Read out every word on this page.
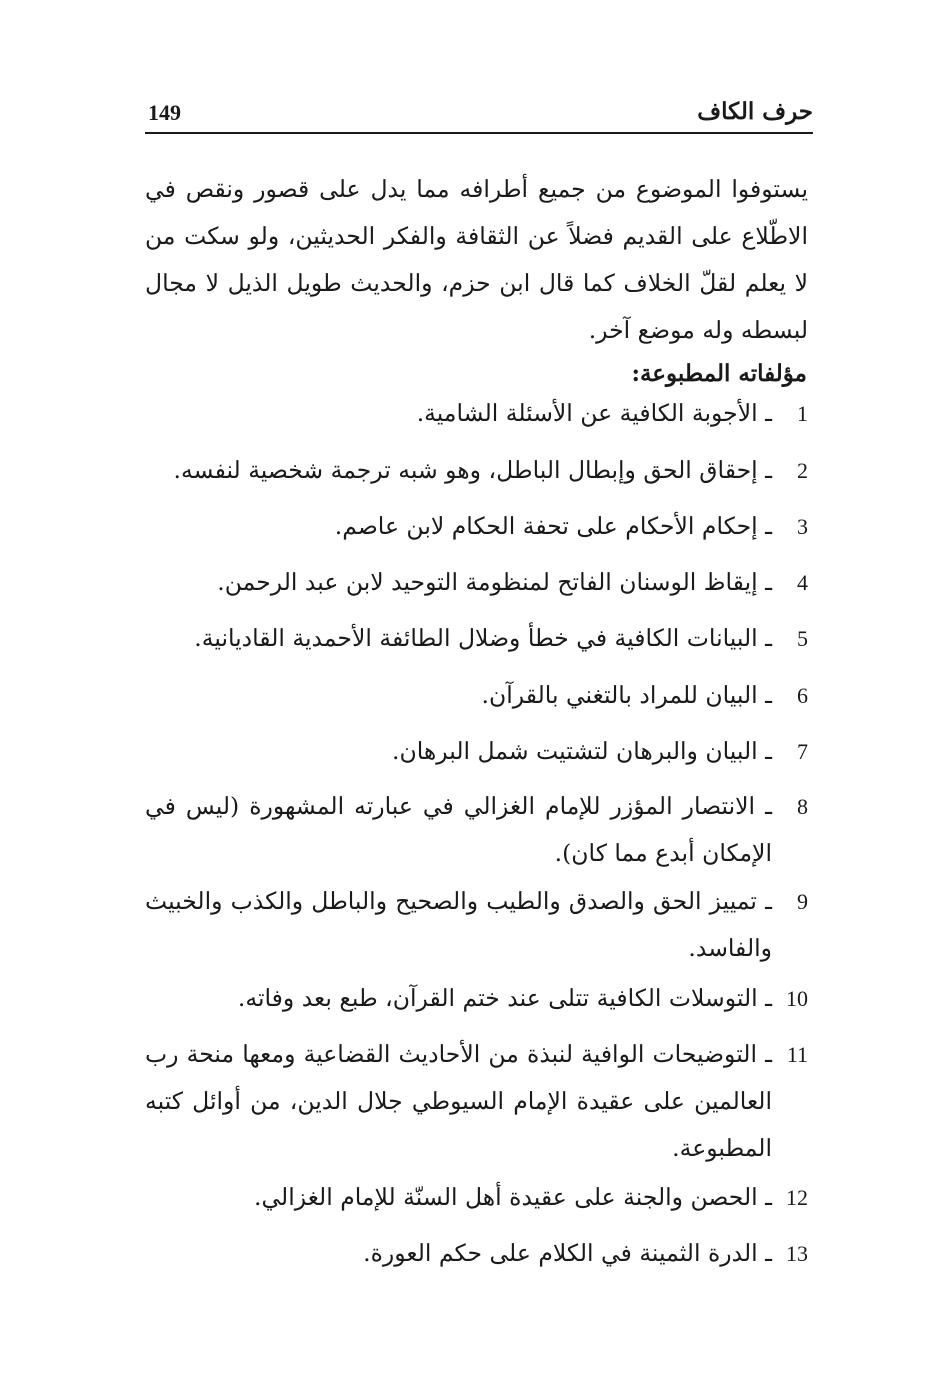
حرف الكاف
149

يستوفوا الموضوع من جميع أطرافه مما يدل على قصور ونقص في الاطّلاع على القديم فضلاً عن الثقافة والفكر الحديثين، ولو سكت من لا يعلم لقلّ الخلاف كما قال ابن حزم، والحديث طويل الذيل لا مجال لبسطه وله موضع آخر.

مؤلفاته المطبوعة:
1
ـ الأجوبة الكافية عن الأسئلة الشامية.
2
ـ إحقاق الحق وإبطال الباطل، وهو شبه ترجمة شخصية لنفسه.
3
ـ إحكام الأحكام على تحفة الحكام لابن عاصم.
4
ـ إيقاظ الوسنان الفاتح لمنظومة التوحيد لابن عبد الرحمن.
5
ـ البيانات الكافية في خطأ وضلال الطائفة الأحمدية القاديانية.
6
ـ البيان للمراد بالتغني بالقرآن.
7
ـ البيان والبرهان لتشتيت شمل البرهان.
8
ـ الانتصار المؤزر للإمام الغزالي في عبارته المشهورة (ليس في الإمكان أبدع مما كان).
9
ـ تمييز الحق والصدق والطيب والصحيح والباطل والكذب والخبيث والفاسد.
10
ـ التوسلات الكافية تتلى عند ختم القرآن، طبع بعد وفاته.
11
ـ التوضيحات الوافية لنبذة من الأحاديث القضاعية ومعها منحة رب العالمين على عقيدة الإمام السيوطي جلال الدين، من أوائل كتبه المطبوعة.
12
ـ الحصن والجنة على عقيدة أهل السنّة للإمام الغزالي.
13
ـ الدرة الثمينة في الكلام على حكم العورة.
